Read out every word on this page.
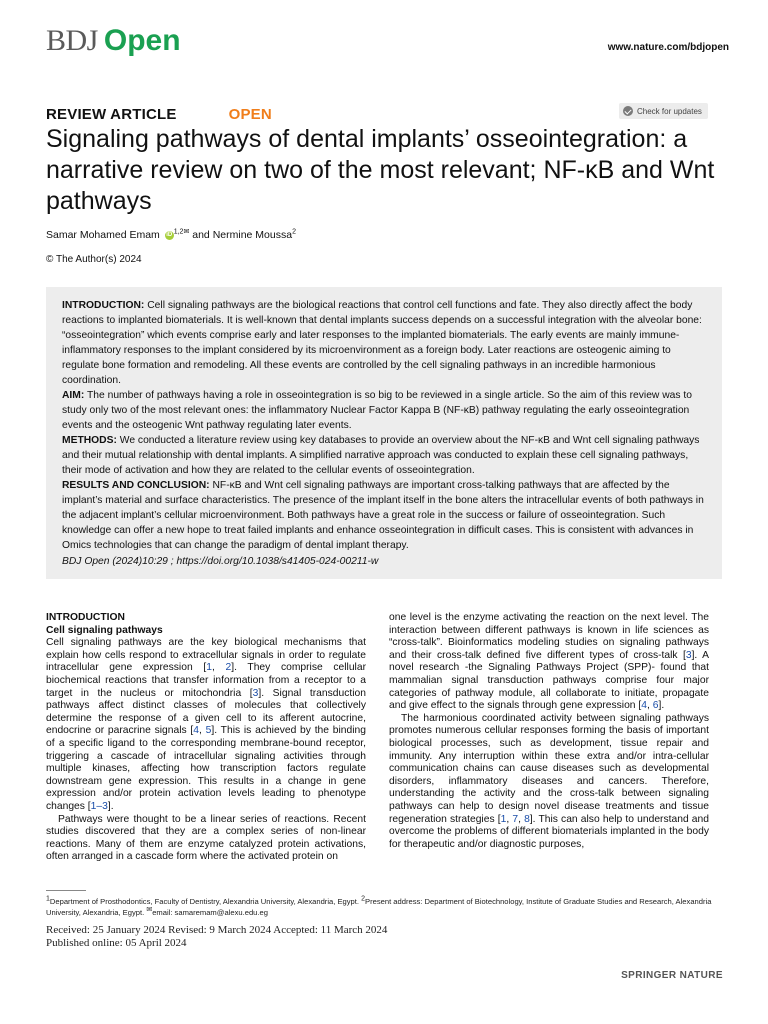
BDJ Open	www.nature.com/bdjopen
REVIEW ARTICLE	OPEN	Check for updates
Signaling pathways of dental implants’ osseointegration: a narrative review on two of the most relevant; NF-κB and Wnt pathways
Samar Mohamed Emam iD $^{1,2✉}$ and Nermine Moussa$^2$
© The Author(s) 2024

INTRODUCTION: Cell signaling pathways are the biological reactions that control cell functions and fate. They also directly affect the body reactions to implanted biomaterials. It is well-known that dental implants success depends on a successful integration with the alveolar bone: “osseointegration” which events comprise early and later responses to the implanted biomaterials. The early events are mainly immune-inflammatory responses to the implant considered by its microenvironment as a foreign body. Later reactions are osteogenic aiming to regulate bone formation and remodeling. All these events are controlled by the cell signaling pathways in an incredible harmonious coordination.

AIM: The number of pathways having a role in osseointegration is so big to be reviewed in a single article. So the aim of this review was to study only two of the most relevant ones: the inflammatory Nuclear Factor Kappa B (NF-κB) pathway regulating the early osseointegration events and the osteogenic Wnt pathway regulating later events.

METHODS: We conducted a literature review using key databases to provide an overview about the NF-κB and Wnt cell signaling pathways and their mutual relationship with dental implants. A simplified narrative approach was conducted to explain these cell signaling pathways, their mode of activation and how they are related to the cellular events of osseointegration.

RESULTS AND CONCLUSION: NF-κB and Wnt cell signaling pathways are important cross-talking pathways that are affected by the implant’s material and surface characteristics. The presence of the implant itself in the bone alters the intracellular events of both pathways in the adjacent implant’s cellular microenvironment. Both pathways have a great role in the success or failure of osseointegration. Such knowledge can offer a new hope to treat failed implants and enhance osseointegration in difficult cases. This is consistent with advances in Omics technologies that can change the paradigm of dental implant therapy.

BDJ Open (2024)10:29 ; https://doi.org/10.1038/s41405-024-00211-w

INTRODUCTION

Cell signaling pathways

Cell signaling pathways are the key biological mechanisms that explain how cells respond to extracellular signals in order to regulate intracellular gene expression [1, 2]. They comprise cellular biochemical reactions that transfer information from a receptor to a target in the nucleus or mitochondria [3]. Signal transduction pathways affect distinct classes of molecules that collectively determine the response of a given cell to its afferent autocrine, endocrine or paracrine signals [4, 5]. This is achieved by the binding of a specific ligand to the corresponding membrane-bound receptor, triggering a cascade of intracellular signaling activities through multiple kinases, affecting how transcription factors regulate downstream gene expression. This results in a change in gene expression and/or protein activation levels leading to phenotype changes [1–3].

Pathways were thought to be a linear series of reactions. Recent studies discovered that they are a complex series of non-linear reactions. Many of them are enzyme catalyzed protein activations, often arranged in a cascade form where the activated protein on

one level is the enzyme activating the reaction on the next level. The interaction between different pathways is known in life sciences as “cross-talk”. Bioinformatics modeling studies on signaling pathways and their cross-talk defined five different types of cross-talk [3]. A novel research -the Signaling Pathways Project (SPP)- found that mammalian signal transduction pathways comprise four major categories of pathway module, all collaborate to initiate, propagate and give effect to the signals through gene expression [4, 6].

The harmonious coordinated activity between signaling pathways promotes numerous cellular responses forming the basis of important biological processes, such as development, tissue repair and immunity. Any interruption within these extra and/or intra-cellular communication chains can cause diseases such as developmental disorders, inflammatory diseases and cancers. Therefore, understanding the activity and the cross-talk between signaling pathways can help to design novel disease treatments and tissue regeneration strategies [1, 7, 8]. This can also help to understand and overcome the problems of different biomaterials implanted in the body for therapeutic and/or diagnostic purposes,

$^1$Department of Prosthodontics, Faculty of Dentistry, Alexandria University, Alexandria, Egypt. $^2$Present address: Department of Biotechnology, Institute of Graduate Studies and Research, Alexandria University, Alexandria, Egypt. ✉email: samaremam@alexu.edu.eg
Received: 25 January 2024 Revised: 9 March 2024 Accepted: 11 March 2024
Published online: 05 April 2024
SPRINGER NATURE
